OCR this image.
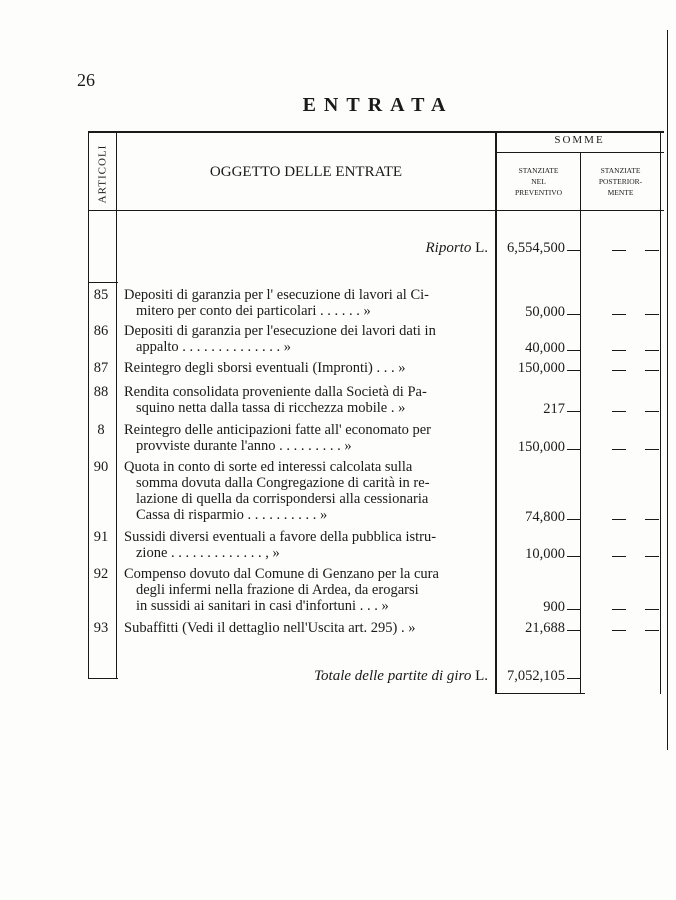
26
ENTRATA
ARTICOLI	OGGETTO DELLE ENTRATE
SOMME
STANZIATE
NEL
PREVENTIVO
STANZIATE
POSTERIOR-
MENTE
Riporto L.	6,554,500
85	Depositi di garanzia per l' esecuzione di lavori al Ci-
mitero per conto dei particolari . . . . . . »	50,000
86	Depositi di garanzia per l'esecuzione dei lavori dati in
appalto . . . . . . . . . . . . . . »	40,000
87	Reintegro degli sborsi eventuali (Impronti) . . . »	150,000
88	Rendita consolidata proveniente dalla Società di Pa-
squino netta dalla tassa di ricchezza mobile . »	217
8	Reintegro delle anticipazioni fatte all' economato per
provviste durante l'anno . . . . . . . . . »	150,000
90	Quota in conto di sorte ed interessi calcolata sulla
somma dovuta dalla Congregazione di carità in re-
lazione di quella da corrispondersi alla cessionaria
Cassa di risparmio . . . . . . . . . . »	74,800
91	Sussidi diversi eventuali a favore della pubblica istru-
zione . . . . . . . . . . . . . , »	10,000
92	Compenso dovuto dal Comune di Genzano per la cura
degli infermi nella frazione di Ardea, da erogarsi
in sussidi ai sanitari in casi d'infortuni . . . »	900
93	Subaffitti (Vedi il dettaglio nell'Uscita art. 295) . »	21,688
Totale delle partite di giro L.	7,052,105
